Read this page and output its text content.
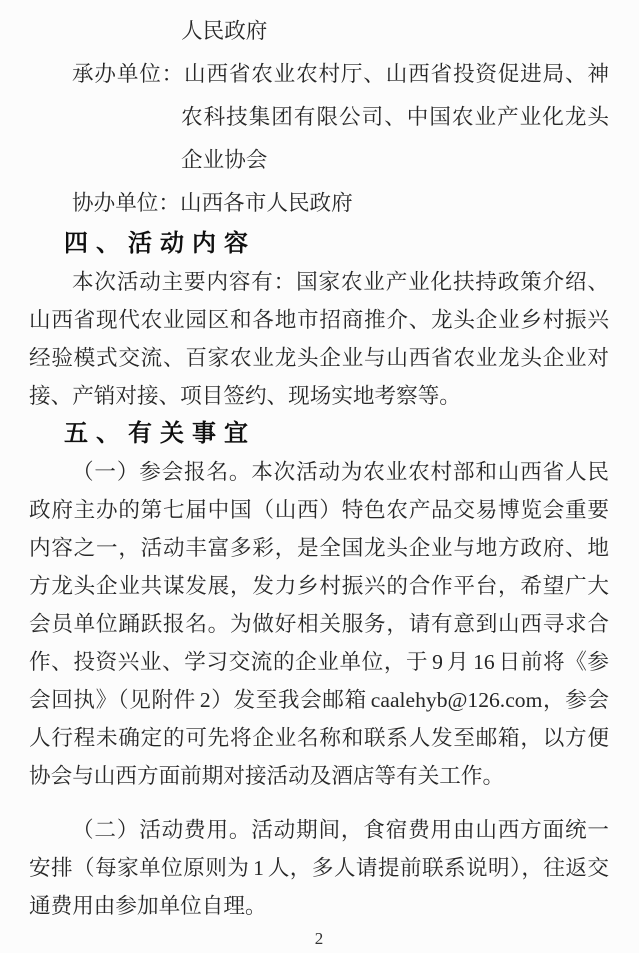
人民政府
承办单位：山西省农业农村厅、山西省投资促进局、神农科技集团有限公司、中国农业产业化龙头企业协会
协办单位：山西各市人民政府
四、活动内容

本次活动主要内容有：国家农业产业化扶持政策介绍、山西省现代农业园区和各地市招商推介、龙头企业乡村振兴经验模式交流、百家农业龙头企业与山西省农业龙头企业对接、产销对接、项目签约、现场实地考察等。

五、有关事宜

（一）参会报名。本次活动为农业农村部和山西省人民政府主办的第七届中国（山西）特色农产品交易博览会重要内容之一，活动丰富多彩，是全国龙头企业与地方政府、地方龙头企业共谋发展，发力乡村振兴的合作平台，希望广大会员单位踊跃报名。为做好相关服务，请有意到山西寻求合作、投资兴业、学习交流的企业单位，于 9 月 16 日前将《参会回执》（见附件 2）发至我会邮箱 caalehyb@126.com，参会人行程未确定的可先将企业名称和联系人发至邮箱，以方便协会与山西方面前期对接活动及酒店等有关工作。

（二）活动费用。活动期间，食宿费用由山西方面统一安排（每家单位原则为 1 人，多人请提前联系说明），往返交通费用由参加单位自理。

2
